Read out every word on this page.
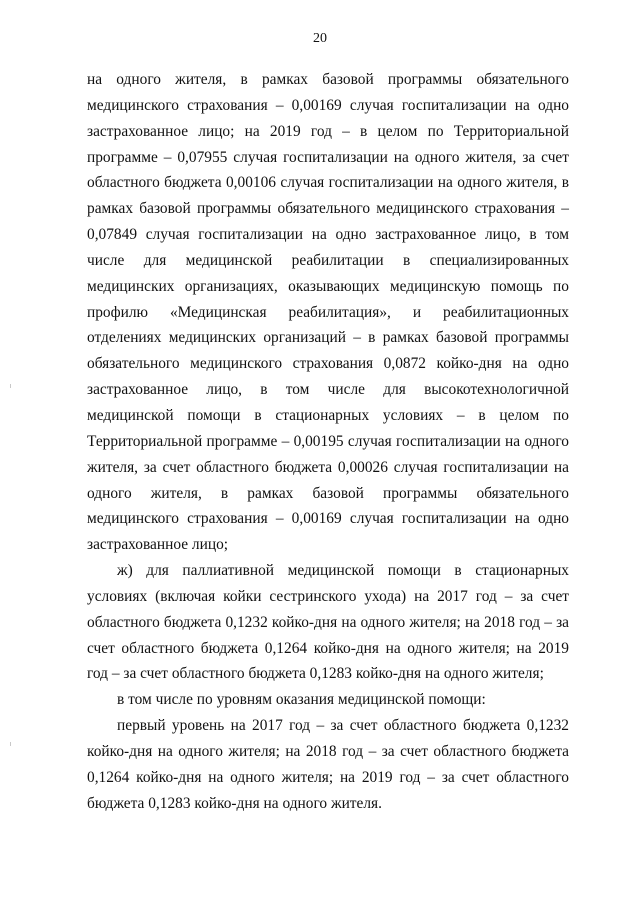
20

на одного жителя, в рамках базовой программы обязательного медицинского страхования – 0,00169 случая госпитализации на одно застрахованное лицо; на 2019 год – в целом по Территориальной программе – 0,07955 случая госпитализации на одного жителя, за счет областного бюджета 0,00106 случая госпитализации на одного жителя, в рамках базовой программы обязательного медицинского страхования – 0,07849 случая госпитализации на одно застрахованное лицо, в том числе для медицинской реабилитации в специализированных медицинских организациях, оказывающих медицинскую помощь по профилю «Медицинская реабилитация», и реабилитационных отделениях медицинских организаций – в рамках базовой программы обязательного медицинского страхования 0,0872 койко-дня на одно застрахованное лицо, в том числе для высокотехнологичной медицинской помощи в стационарных условиях – в целом по Территориальной программе – 0,00195 случая госпитализации на одного жителя, за счет областного бюджета 0,00026 случая госпитализации на одного жителя, в рамках базовой программы обязательного медицинского страхования – 0,00169 случая госпитализации на одно застрахованное лицо;

ж) для паллиативной медицинской помощи в стационарных условиях (включая койки сестринского ухода) на 2017 год – за счет областного бюджета 0,1232 койко-дня на одного жителя; на 2018 год – за счет областного бюджета 0,1264 койко-дня на одного жителя; на 2019 год – за счет областного бюджета 0,1283 койко-дня на одного жителя;

в том числе по уровням оказания медицинской помощи:

первый уровень на 2017 год – за счет областного бюджета 0,1232 койко-дня на одного жителя; на 2018 год – за счет областного бюджета 0,1264 койко-дня на одного жителя; на 2019 год – за счет областного бюджета 0,1283 койко-дня на одного жителя.
